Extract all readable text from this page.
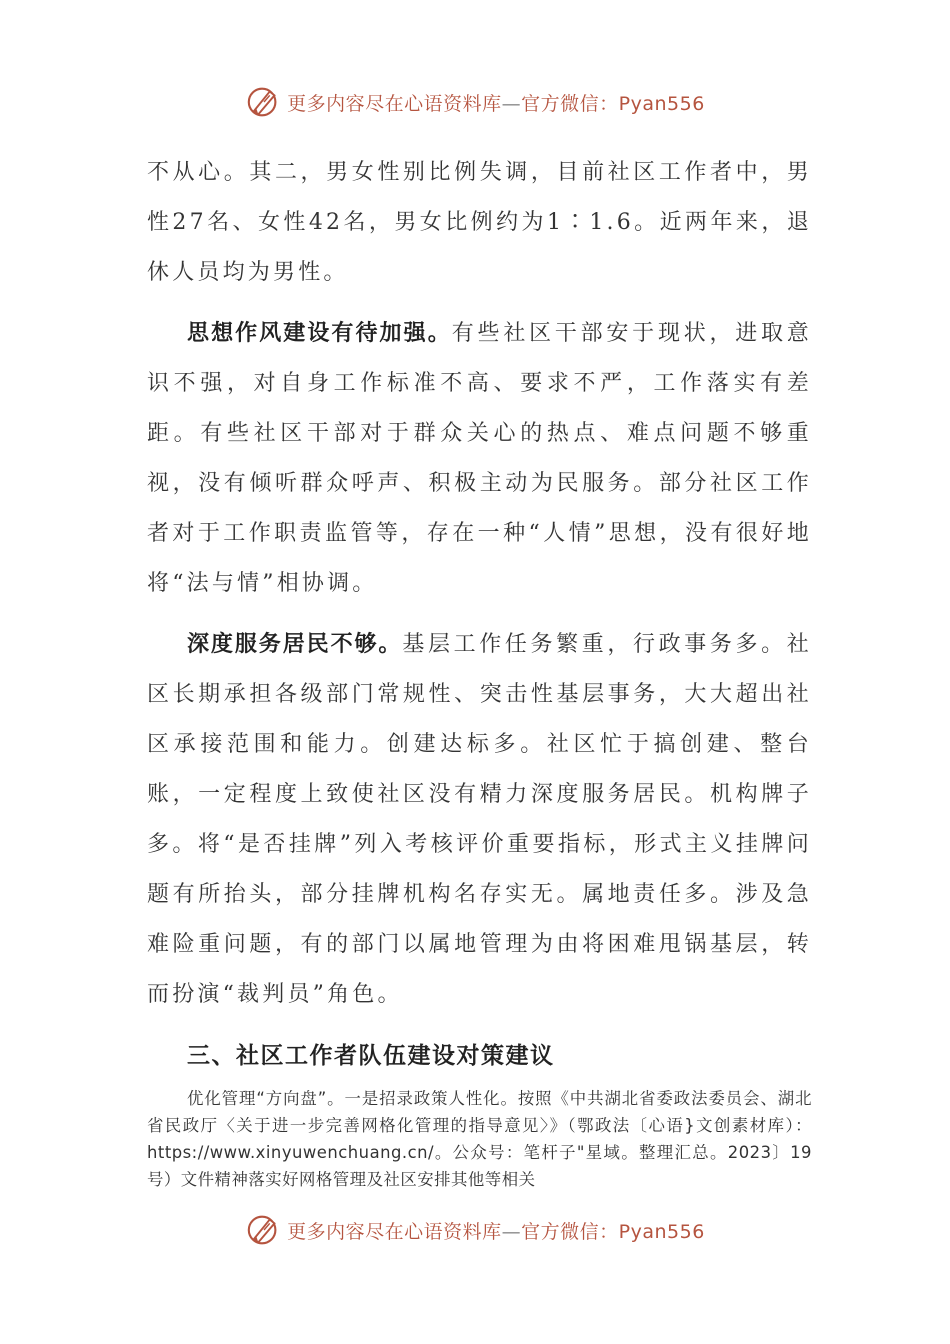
更多内容尽在心语资料库—官方微信：Pyan556

不从心。其二，男女性别比例失调，目前社区工作者中，男性27名、女性42名，男女比例约为1∶1.6。近两年来，退休人员均为男性。

思想作风建设有待加强。有些社区干部安于现状，进取意识不强，对自身工作标准不高、要求不严，工作落实有差距。有些社区干部对于群众关心的热点、难点问题不够重视，没有倾听群众呼声、积极主动为民服务。部分社区工作者对于工作职责监管等，存在一种“人情”思想，没有很好地将“法与情”相协调。

深度服务居民不够。基层工作任务繁重，行政事务多。社区长期承担各级部门常规性、突击性基层事务，大大超出社区承接范围和能力。创建达标多。社区忙于搞创建、整台账，一定程度上致使社区没有精力深度服务居民。机构牌子多。将“是否挂牌”列入考核评价重要指标，形式主义挂牌问题有所抬头，部分挂牌机构名存实无。属地责任多。涉及急难险重问题，有的部门以属地管理为由将困难甩锅基层，转而扮演“裁判员”角色。

三、社区工作者队伍建设对策建议

优化管理“方向盘”。一是招录政策人性化。按照《中共湖北省委政法委员会、湖北省民政厅〈关于进一步完善网格化管理的指导意见〉》（鄂政法〔心语}文创素材库）：https://www.xinyuwenchuang.cn/。公众号：笔杆子"星域。整理汇总。2023〕19号）文件精神落实好网格管理及社区安排其他等相关

更多内容尽在心语资料库—官方微信：Pyan556
